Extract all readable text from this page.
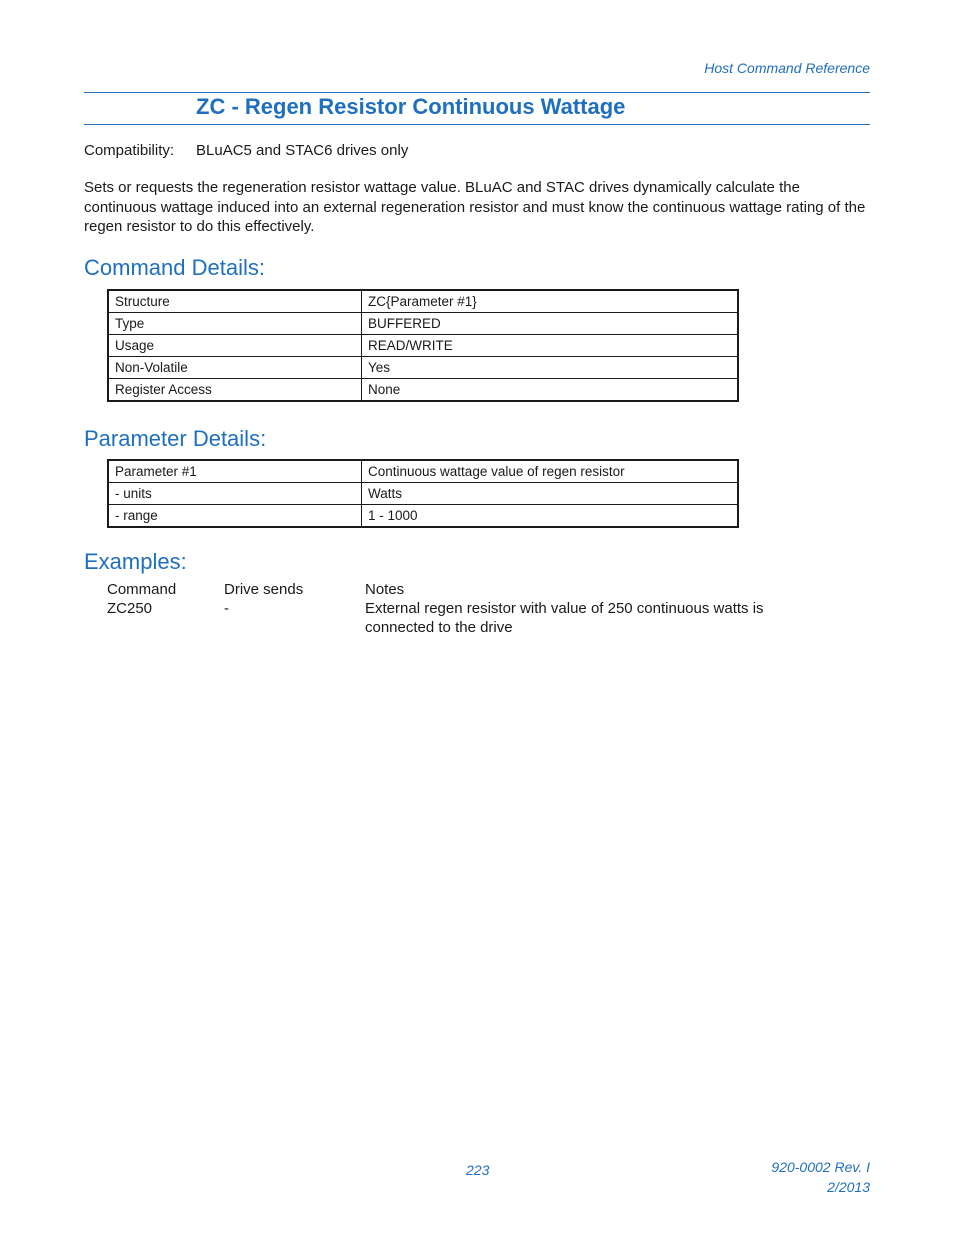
Host Command Reference
ZC - Regen Resistor Continuous Wattage
Compatibility: BLuAC5 and STAC6 drives only
Sets or requests the regeneration resistor wattage value. BLuAC and STAC drives dynamically calculate the continuous wattage induced into an external regeneration resistor and must know the continuous wattage rating of the regen resistor to do this effectively.
Command Details:
Structure	ZC{Parameter #1}
Type	BUFFERED
Usage	READ/WRITE
Non-Volatile	Yes
Register Access	None
Parameter Details:
Parameter #1	Continuous wattage value of regen resistor
- units	Watts
- range	1 - 1000
Examples:
Command	Drive sends	Notes
ZC250	-	External regen resistor with value of 250 continuous watts is connected to the drive
223	920-0002 Rev. I
2/2013
